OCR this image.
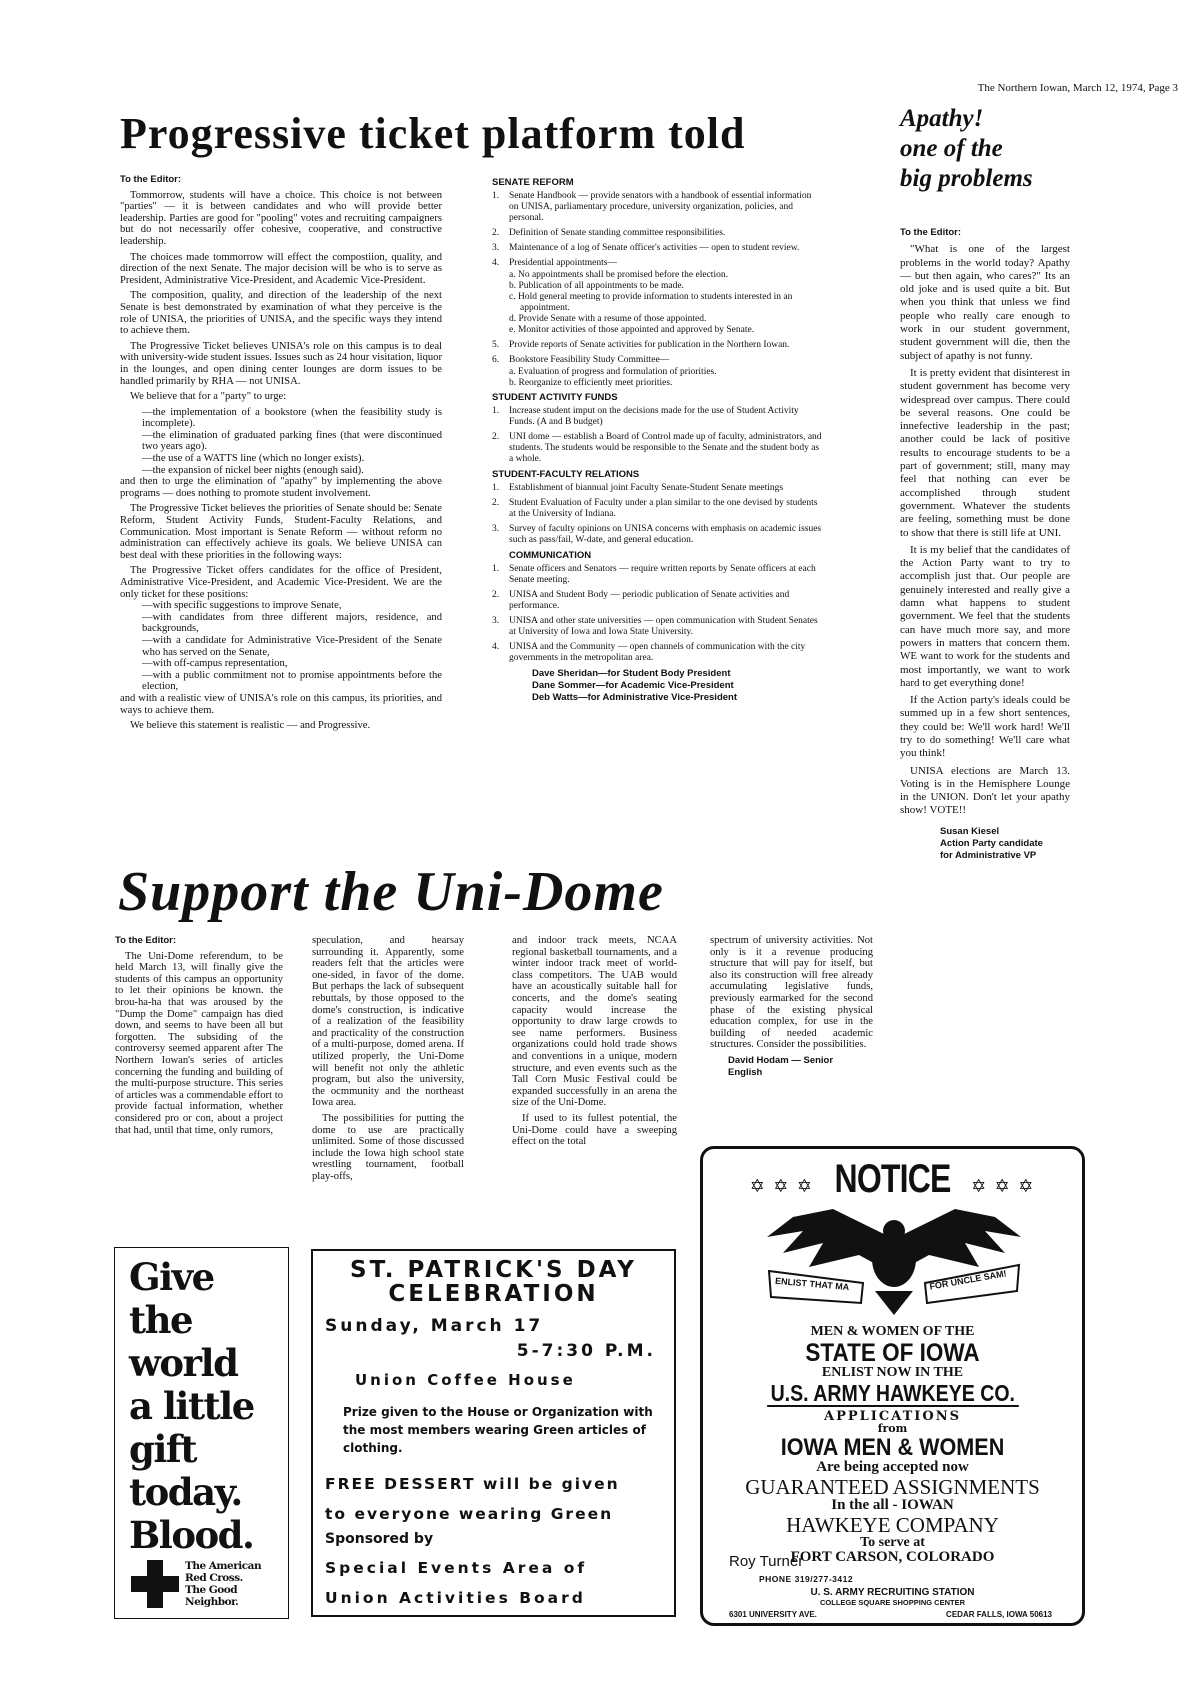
The Northern Iowan, March 12, 1974, Page 3
Progressive ticket platform told
To the Editor:

Tommorrow, students will have a choice. This choice is not between "parties" — it is between candidates and who will provide better leadership. Parties are good for "pooling" votes and recruiting campaigners but do not necessarily offer cohesive, cooperative, and constructive leadership.

The choices made tommorrow will effect the compostiion, quality, and direction of the next Senate. The major decision will be who is to serve as President, Administrative Vice-President, and Academic Vice-President.

The composition, quality, and direction of the leadership of the next Senate is best demonstrated by examination of what they perceive is the role of UNISA, the priorities of UNISA, and the specific ways they intend to achieve them.

The Progressive Ticket believes UNISA's role on this campus is to deal with university-wide student issues. Issues such as 24 hour visitation, liquor in the lounges, and open dining center lounges are dorm issues to be handled primarily by RHA — not UNISA.

We believe that for a "party" to urge:

—the implementation of a bookstore (when the feasibility study is incomplete).
—the elimination of graduated parking fines (that were discontinued two years ago).
—the use of a WATTS line (which no longer exists).
—the expansion of nickel beer nights (enough said).

and then to urge the elimination of "apathy" by implementing the above programs — does nothing to promote student involvement.

The Progressive Ticket believes the priorities of Senate should be: Senate Reform, Student Activity Funds, Student-Faculty Relations, and Communication. Most important is Senate Reform — without reform no administration can effectively achieve its goals. We believe UNISA can best deal with these priorities in the following ways:

The Progressive Ticket offers candidates for the office of President, Administrative Vice-President, and Academic Vice-President. We are the only ticket for these positions:

—with specific suggestions to improve Senate,
—with candidates from three different majors, residence, and backgrounds,
—with a candidate for Administrative Vice-President of the Senate who has served on the Senate,
—with off-campus representation,
—with a public commitment not to promise appointments before the election,

and with a realistic view of UNISA's role on this campus, its priorities, and ways to achieve them.

We believe this statement is realistic — and Progressive.

SENATE REFORM
1. Senate Handbook — provide senators with a handbook of essential information on UNISA, parliamentary procedure, university organization, policies, and personal.
2. Definition of Senate standing committee responsibilities.
3. Maintenance of a log of Senate officer's activities — open to student review.
4. Presidential appointments—
a. No appointments shall be promised before the election.
b. Publication of all appointments to be made.
c. Hold general meeting to provide information to students interested in an appointment.
d. Provide Senate with a resume of those appointed.
e. Monitor activities of those appointed and approved by Senate.
5. Provide reports of Senate activities for publication in the Northern Iowan.
6. Bookstore Feasibility Study Committee—
a. Evaluation of progress and formulation of priorities.
b. Reorganize to efficiently meet priorities.
STUDENT ACTIVITY FUNDS
1. Increase student imput on the decisions made for the use of Student Activity Funds. (A and B budget)
2. UNI dome — establish a Board of Control made up of faculty, administrators, and students. The students would be responsible to the Senate and the student body as a whole.
STUDENT-FACULTY RELATIONS
1. Establishment of biannual joint Faculty Senate-Student Senate meetings
2. Student Evaluation of Faculty under a plan similar to the one devised by students at the University of Indiana.
3. Survey of faculty opinions on UNISA concerns with emphasis on academic issues such as pass/fail, W-date, and general education.
COMMUNICATION
1. Senate officers and Senators — require written reports by Senate officers at each Senate meeting.
2. UNISA and Student Body — periodic publication of Senate activities and performance.
3. UNISA and other state universities — open communication with Student Senates at University of Iowa and Iowa State University.
4. UNISA and the Community — open channels of communication with the city governments in the metropolitan area.
Dave Sheridan—for Student Body President
Dane Sommer—for Academic Vice-President
Deb Watts—for Administrative Vice-President
Apathy!
one of the
big problems
To the Editor:

"What is one of the largest problems in the world today? Apathy — but then again, who cares?" Its an old joke and is used quite a bit. But when you think that unless we find people who really care enough to work in our student government, student government will die, then the subject of apathy is not funny.

It is pretty evident that disinterest in student government has become very widespread over campus. There could be several reasons. One could be innefective leadership in the past; another could be lack of positive results to encourage students to be a part of government; still, many may feel that nothing can ever be accomplished through student government. Whatever the students are feeling, something must be done to show that there is still life at UNI.

It is my belief that the candidates of the Action Party want to try to accomplish just that. Our people are genuinely interested and really give a damn what happens to student government. We feel that the students can have much more say, and more powers in matters that concern them. WE want to work for the students and most importantly, we want to work hard to get everything done!

If the Action party's ideals could be summed up in a few short sentences, they could be: We'll work hard! We'll try to do something! We'll care what you think!

UNISA elections are March 13. Voting is in the Hemisphere Lounge in the UNION. Don't let your apathy show! VOTE!!

Susan Kiesel
Action Party candidate
for Administrative VP
Support the Uni-Dome
To the Editor:

The Uni-Dome referendum, to be held March 13, will finally give the students of this campus an opportunity to let their opinions be known. the brou-ha-ha that was aroused by the "Dump the Dome" campaign has died down, and seems to have been all but forgotten. The subsiding of the controversy seemed apparent after The Northern Iowan's series of articles concerning the funding and building of the multi-purpose structure. This series of articles was a commendable effort to provide factual information, whether considered pro or con, about a project that had, until that time, only rumors,

speculation, and hearsay surrounding it. Apparently, some readers felt that the articles were one-sided, in favor of the dome. But perhaps the lack of subsequent rebuttals, by those opposed to the dome's construction, is indicative of a realization of the feasibility and practicality of the construction of a multi-purpose, domed arena. If utilized properly, the Uni-Dome will benefit not only the athletic program, but also the university, the ocmmunity and the northeast Iowa area.

The possibilities for putting the dome to use are practically unlimited. Some of those discussed include the Iowa high school state wrestling tournament, football play-offs,

and indoor track meets, NCAA regional basketball tournaments, and a winter indoor track meet of world-class competitors. The UAB would have an acoustically suitable hall for concerts, and the dome's seating capacity would increase the opportunity to draw large crowds to see name performers. Business organizations could hold trade shows and conventions in a unique, modern structure, and even events such as the Tall Corn Music Festival could be expanded successfully in an arena the size of the Uni-Dome.

If used to its fullest potential, the Uni-Dome could have a sweeping effect on the total

spectrum of university activities. Not only is it a revenue producing structure that will pay for itself, but also its construction will free already accumulating legislative funds, previously earmarked for the second phase of the existing physical education complex, for use in the building of needed academic structures. Consider the possibilities.

David Hodam — Senior
English
Give
the
world
a little
gift
today.
Blood.
The American
Red Cross.
The Good
Neighbor.
ST. PATRICK'S DAY
CELEBRATION
Sunday, March 17
5-7:30 P.M.
Union Coffee House
Prize given to the House or Organization with the most members wearing Green articles of clothing.
FREE DESSERT will be given
to everyone wearing Green
Sponsored by
Special Events Area of
Union Activities Board
✡ ✡ ✡ NOTICE ✡ ✡ ✡
ENLIST THAT MA	FOR UNCLE SAM!
MEN & WOMEN OF THE
STATE OF IOWA
ENLIST NOW IN THE
U.S. ARMY HAWKEYE CO.
APPLICATIONS
from
IOWA MEN & WOMEN
Are being accepted now
GUARANTEED ASSIGNMENTS
In the all - IOWAN
HAWKEYE COMPANY
To serve at
FORT CARSON, COLORADO
Roy Turner
PHONE 319/277-3412
U. S. ARMY RECRUITING STATION
COLLEGE SQUARE SHOPPING CENTER
6301 UNIVERSITY AVE.	CEDAR FALLS, IOWA 50613
